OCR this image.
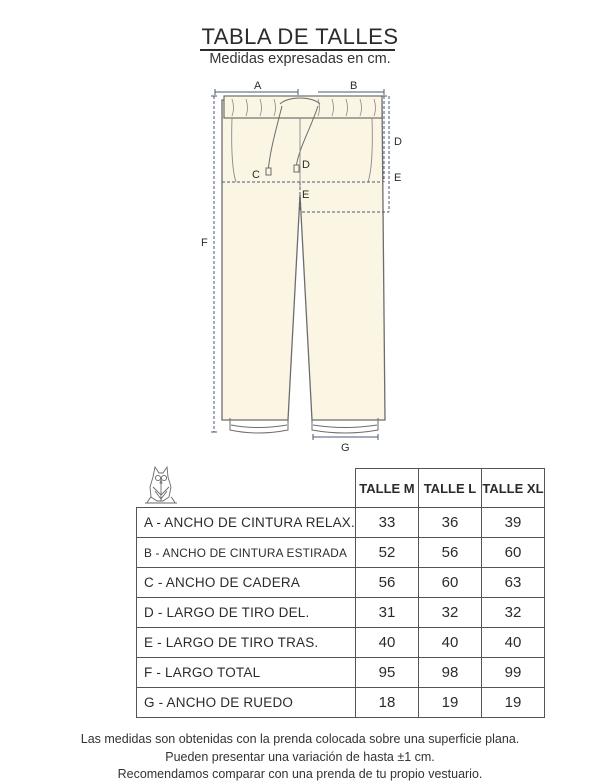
TABLA DE TALLES
Medidas expresadas en cm.
A	B
C
D
D
E
E
F
G
	TALLE M	TALLE L	TALLE XL
A - ANCHO DE CINTURA RELAX.	33	36	39
B - ANCHO DE CINTURA ESTIRADA	52	56	60
C - ANCHO DE CADERA	56	60	63
D - LARGO DE TIRO DEL.	31	32	32
E - LARGO DE TIRO TRAS.	40	40	40
F - LARGO TOTAL	95	98	99
G - ANCHO DE RUEDO	18	19	19
Las medidas son obtenidas con la prenda colocada sobre una superficie plana.
Pueden presentar una variación de hasta ±1 cm.
Recomendamos comparar con una prenda de tu propio vestuario.
